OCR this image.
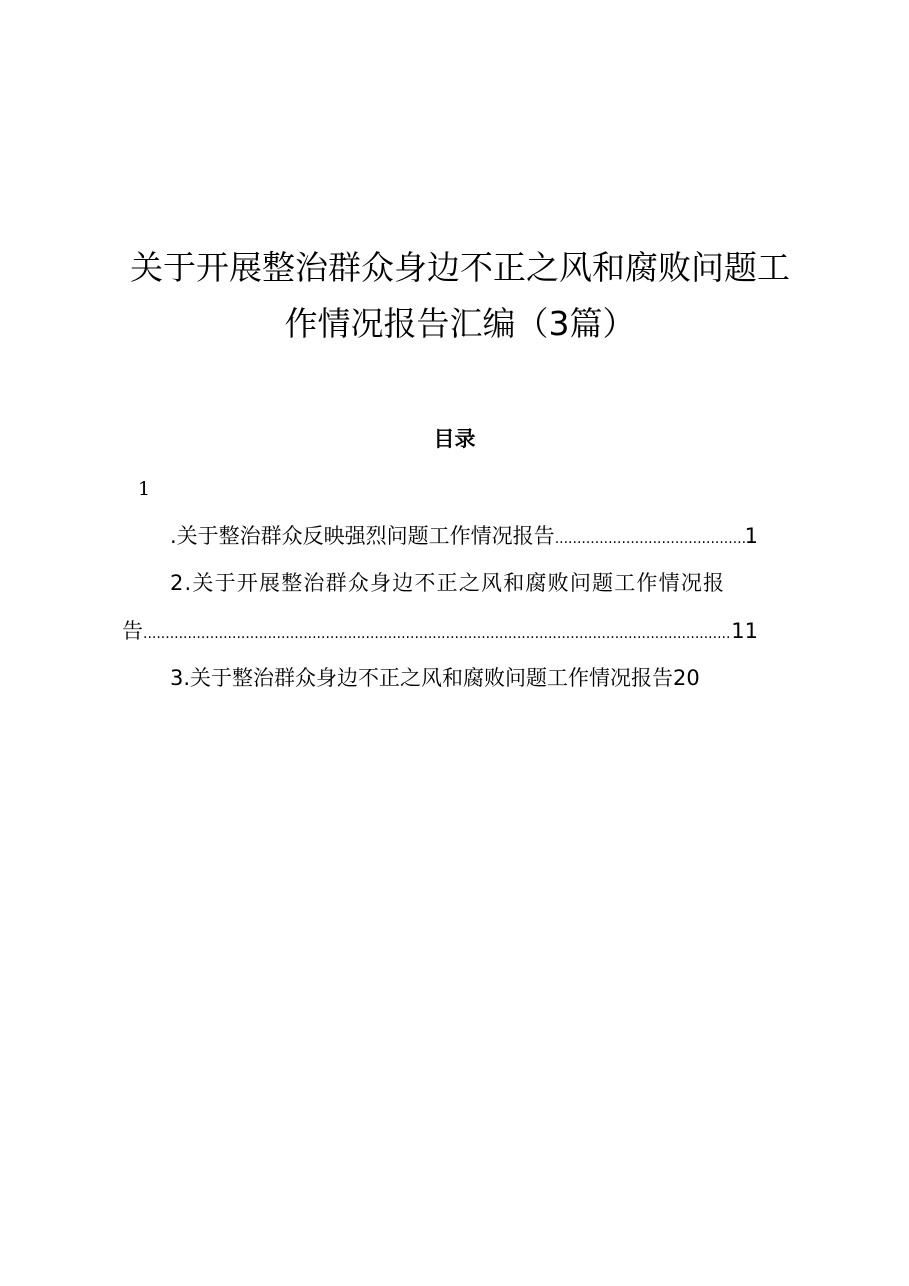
关于开展整治群众身边不正之风和腐败问题工
作情况报告汇编（3篇）
目录
1
.关于整治群众反映强烈问题工作情况报告 .....	1
2.关于开展整治群众身边不正之风和腐败问题工作情况报
告 .....	11
3.关于整治群众身边不正之风和腐败问题工作情况报告 20
